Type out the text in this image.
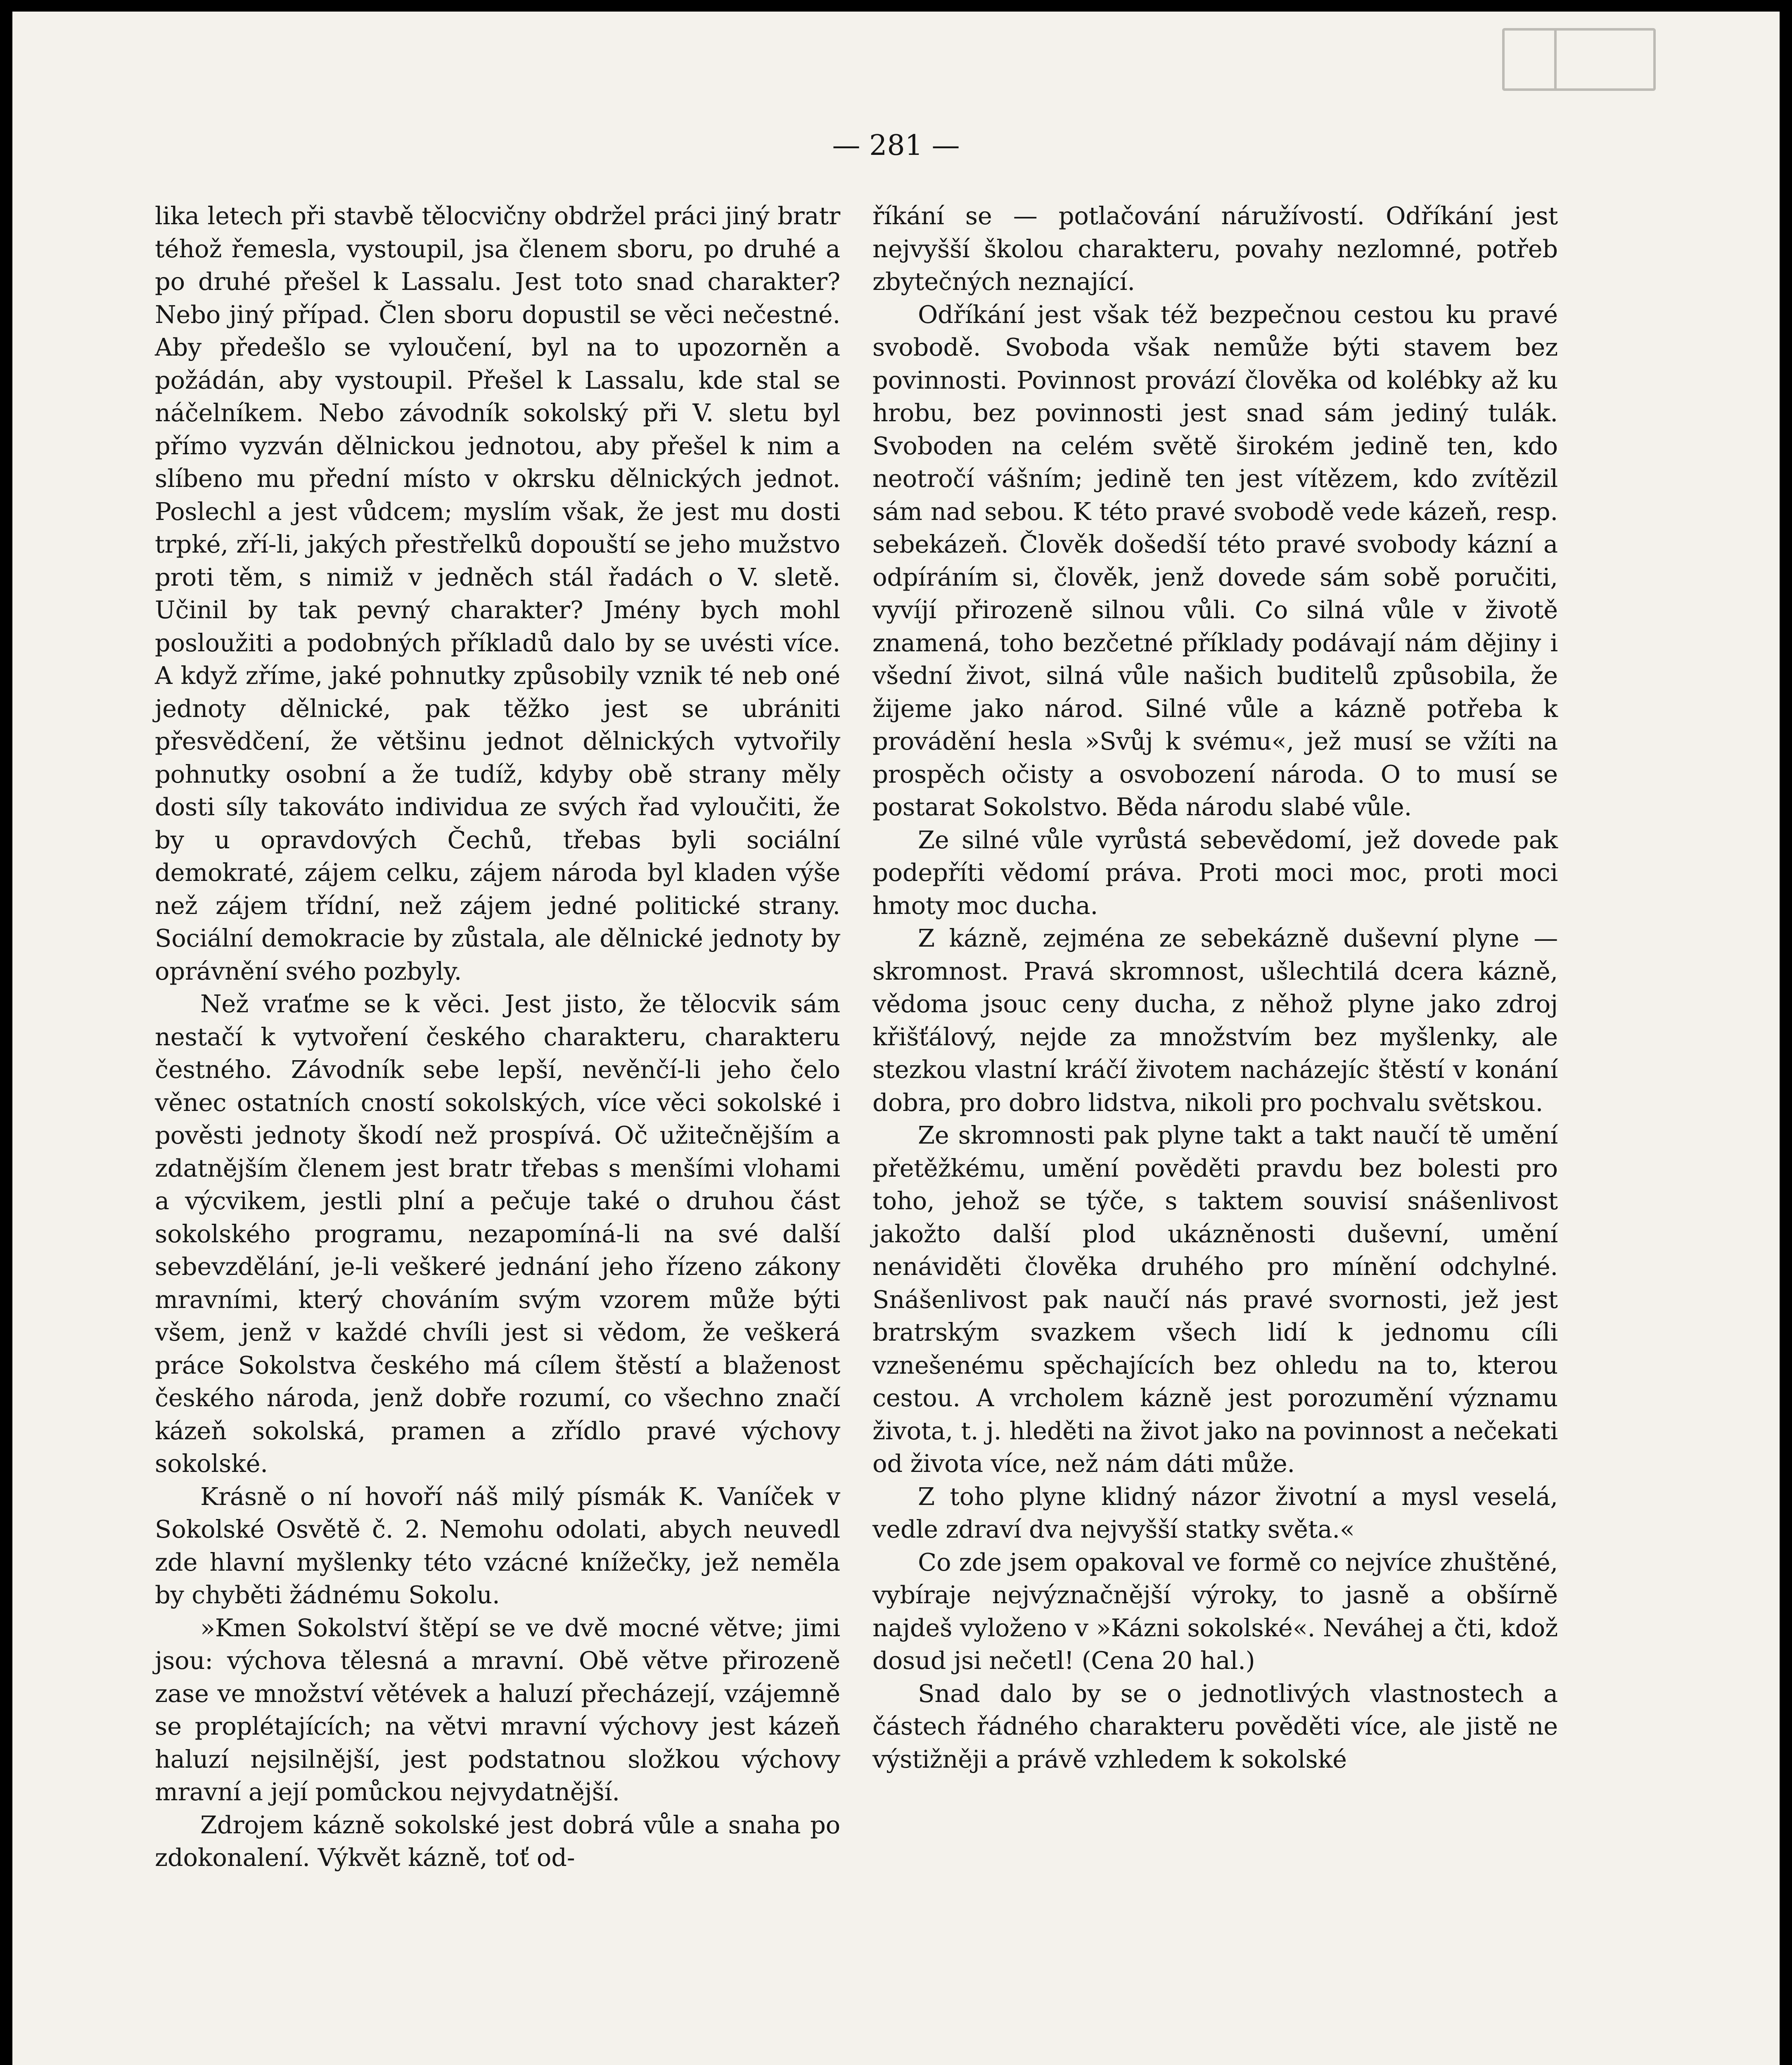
— 281 —

lika letech při stavbě tělocvičny obdržel práci jiný bratr téhož řemesla, vystoupil, jsa členem sboru, po druhé a po druhé přešel k Lassalu. Jest toto snad charakter? Nebo jiný případ. Člen sboru dopustil se věci nečestné. Aby předešlo se vyloučení, byl na to upozorněn a požádán, aby vystoupil. Přešel k Lassalu, kde stal se náčelníkem. Nebo závodník sokolský při V. sletu byl přímo vyzván dělnickou jednotou, aby přešel k nim a slíbeno mu přední místo v okrsku dělnických jednot. Poslechl a jest vůdcem; myslím však, že jest mu dosti trpké, zří-li, jakých přestřelků dopouští se jeho mužstvo proti těm, s nimiž v jedněch stál řadách o V. sletě. Učinil by tak pevný charakter? Jmény bych mohl posloužiti a podobných příkladů dalo by se uvésti více. A když zříme, jaké pohnutky způsobily vznik té neb oné jednoty dělnické, pak těžko jest se ubrániti přesvědčení, že většinu jednot dělnických vytvořily pohnutky osobní a že tudíž, kdyby obě strany měly dosti síly takováto individua ze svých řad vyloučiti, že by u opravdových Čechů, třebas byli sociální demokraté, zájem celku, zájem národa byl kladen výše než zájem třídní, než zájem jedné politické strany. Sociální demokracie by zůstala, ale dělnické jednoty by oprávnění svého pozbyly.

Než vraťme se k věci. Jest jisto, že tělocvik sám nestačí k vytvoření českého charakteru, charakteru čestného. Závodník sebe lepší, nevěnčí-li jeho čelo věnec ostatních cností sokolských, více věci sokolské i pověsti jednoty škodí než prospívá. Oč užitečnějším a zdatnějším členem jest bratr třebas s menšími vlohami a výcvikem, jestli plní a pečuje také o druhou část sokolského programu, nezapomíná-li na své další sebevzdělání, je-li veškeré jednání jeho řízeno zákony mravními, který chováním svým vzorem může býti všem, jenž v každé chvíli jest si vědom, že veškerá práce Sokolstva českého má cílem štěstí a blaženost českého národa, jenž dobře rozumí, co všechno značí kázeň sokolská, pramen a zřídlo pravé výchovy sokolské.

Krásně o ní hovoří náš milý písmák K. Vaníček v Sokolské Osvětě č. 2. Nemohu odolati, abych neuvedl zde hlavní myšlenky této vzácné knížečky, jež neměla by chyběti žádnému Sokolu.

»Kmen Sokolství štěpí se ve dvě mocné větve; jimi jsou: výchova tělesná a mravní. Obě větve přirozeně zase ve množství větévek a haluzí přecházejí, vzájemně se proplétajících; na větvi mravní výchovy jest kázeň haluzí nejsilnější, jest podstatnou složkou výchovy mravní a její pomůckou nejvydatnější.

Zdrojem kázně sokolské jest dobrá vůle a snaha po zdokonalení. Výkvět kázně, toť od-

říkání se — potlačování náružívostí. Odříkání jest nejvyšší školou charakteru, povahy nezlomné, potřeb zbytečných neznající.

Odříkání jest však též bezpečnou cestou ku pravé svobodě. Svoboda však nemůže býti stavem bez povinnosti. Povinnost provází člověka od kolébky až ku hrobu, bez povinnosti jest snad sám jediný tulák. Svoboden na celém světě širokém jedině ten, kdo neotročí vášním; jedině ten jest vítězem, kdo zvítězil sám nad sebou. K této pravé svobodě vede kázeň, resp. sebekázeň. Člověk došedší této pravé svobody kázní a odpíráním si, člověk, jenž dovede sám sobě poručiti, vyvíjí přirozeně silnou vůli. Co silná vůle v životě znamená, toho bezčetné příklady podávají nám dějiny i všední život, silná vůle našich buditelů způsobila, že žijeme jako národ. Silné vůle a kázně potřeba k provádění hesla »Svůj k svému«, jež musí se vžíti na prospěch očisty a osvobození národa. O to musí se postarat Sokolstvo. Běda národu slabé vůle.

Ze silné vůle vyrůstá sebevědomí, jež dovede pak podepříti vědomí práva. Proti moci moc, proti moci hmoty moc ducha.

Z kázně, zejména ze sebekázně duševní plyne — skromnost. Pravá skromnost, ušlechtilá dcera kázně, vědoma jsouc ceny ducha, z něhož plyne jako zdroj křišťálový, nejde za množstvím bez myšlenky, ale stezkou vlastní kráčí životem nacházejíc štěstí v konání dobra, pro dobro lidstva, nikoli pro pochvalu světskou.

Ze skromnosti pak plyne takt a takt naučí tě umění přetěžkému, umění pověděti pravdu bez bolesti pro toho, jehož se týče, s taktem souvisí snášenlivost jakožto další plod ukázněnosti duševní, umění nenáviděti člověka druhého pro mínění odchylné. Snášenlivost pak naučí nás pravé svornosti, jež jest bratrským svazkem všech lidí k jednomu cíli vznešenému spěchajících bez ohledu na to, kterou cestou. A vrcholem kázně jest porozumění významu života, t. j. hleděti na život jako na povinnost a nečekati od života více, než nám dáti může.

Z toho plyne klidný názor životní a mysl veselá, vedle zdraví dva nejvyšší statky světa.«

Co zde jsem opakoval ve formě co nejvíce zhuštěné, vybíraje nejvýznačnější výroky, to jasně a obšírně najdeš vyloženo v »Kázni sokolské«. Neváhej a čti, kdož dosud jsi nečetl! (Cena 20 hal.)

Snad dalo by se o jednotlivých vlastnostech a částech řádného charakteru pověděti více, ale jistě ne výstižněji a právě vzhledem k sokolské
